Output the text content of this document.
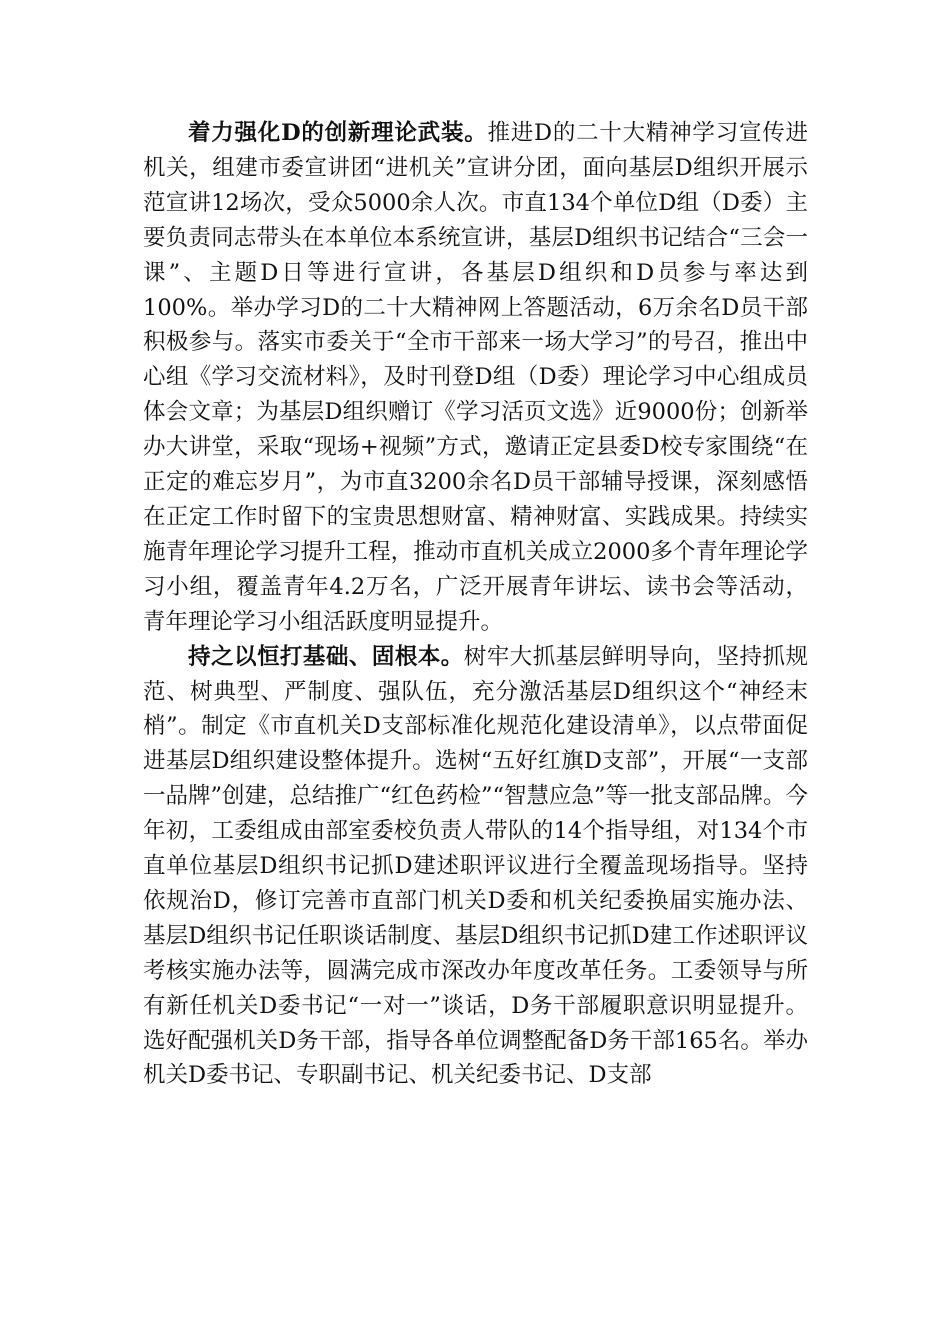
着力强化D的创新理论武装。推进D的二十大精神学习宣传进机关，组建市委宣讲团“进机关”宣讲分团，面向基层D组织开展示范宣讲12场次，受众5000余人次。市直134个单位D组（D委）主要负责同志带头在本单位本系统宣讲，基层D组织书记结合“三会一课”、主题D日等进行宣讲，各基层D组织和D员参与率达到100%。举办学习D的二十大精神网上答题活动，6万余名D员干部积极参与。落实市委关于“全市干部来一场大学习”的号召，推出中心组《学习交流材料》，及时刊登D组（D委）理论学习中心组成员体会文章；为基层D组织赠订《学习活页文选》近9000份；创新举办大讲堂，采取“现场+视频”方式，邀请正定县委D校专家围绕“在正定的难忘岁月”，为市直3200余名D员干部辅导授课，深刻感悟在正定工作时留下的宝贵思想财富、精神财富、实践成果。持续实施青年理论学习提升工程，推动市直机关成立2000多个青年理论学习小组，覆盖青年4.2万名，广泛开展青年讲坛、读书会等活动，青年理论学习小组活跃度明显提升。

持之以恒打基础、固根本。树牢大抓基层鲜明导向，坚持抓规范、树典型、严制度、强队伍，充分激活基层D组织这个“神经末梢”。制定《市直机关D支部标准化规范化建设清单》，以点带面促进基层D组织建设整体提升。选树“五好红旗D支部”，开展“一支部一品牌”创建，总结推广“红色药检”“智慧应急”等一批支部品牌。今年初，工委组成由部室委校负责人带队的14个指导组，对134个市直单位基层D组织书记抓D建述职评议进行全覆盖现场指导。坚持依规治D，修订完善市直部门机关D委和机关纪委换届实施办法、基层D组织书记任职谈话制度、基层D组织书记抓D建工作述职评议考核实施办法等，圆满完成市深改办年度改革任务。工委领导与所有新任机关D委书记“一对一”谈话，D务干部履职意识明显提升。选好配强机关D务干部，指导各单位调整配备D务干部165名。举办机关D委书记、专职副书记、机关纪委书记、D支部
